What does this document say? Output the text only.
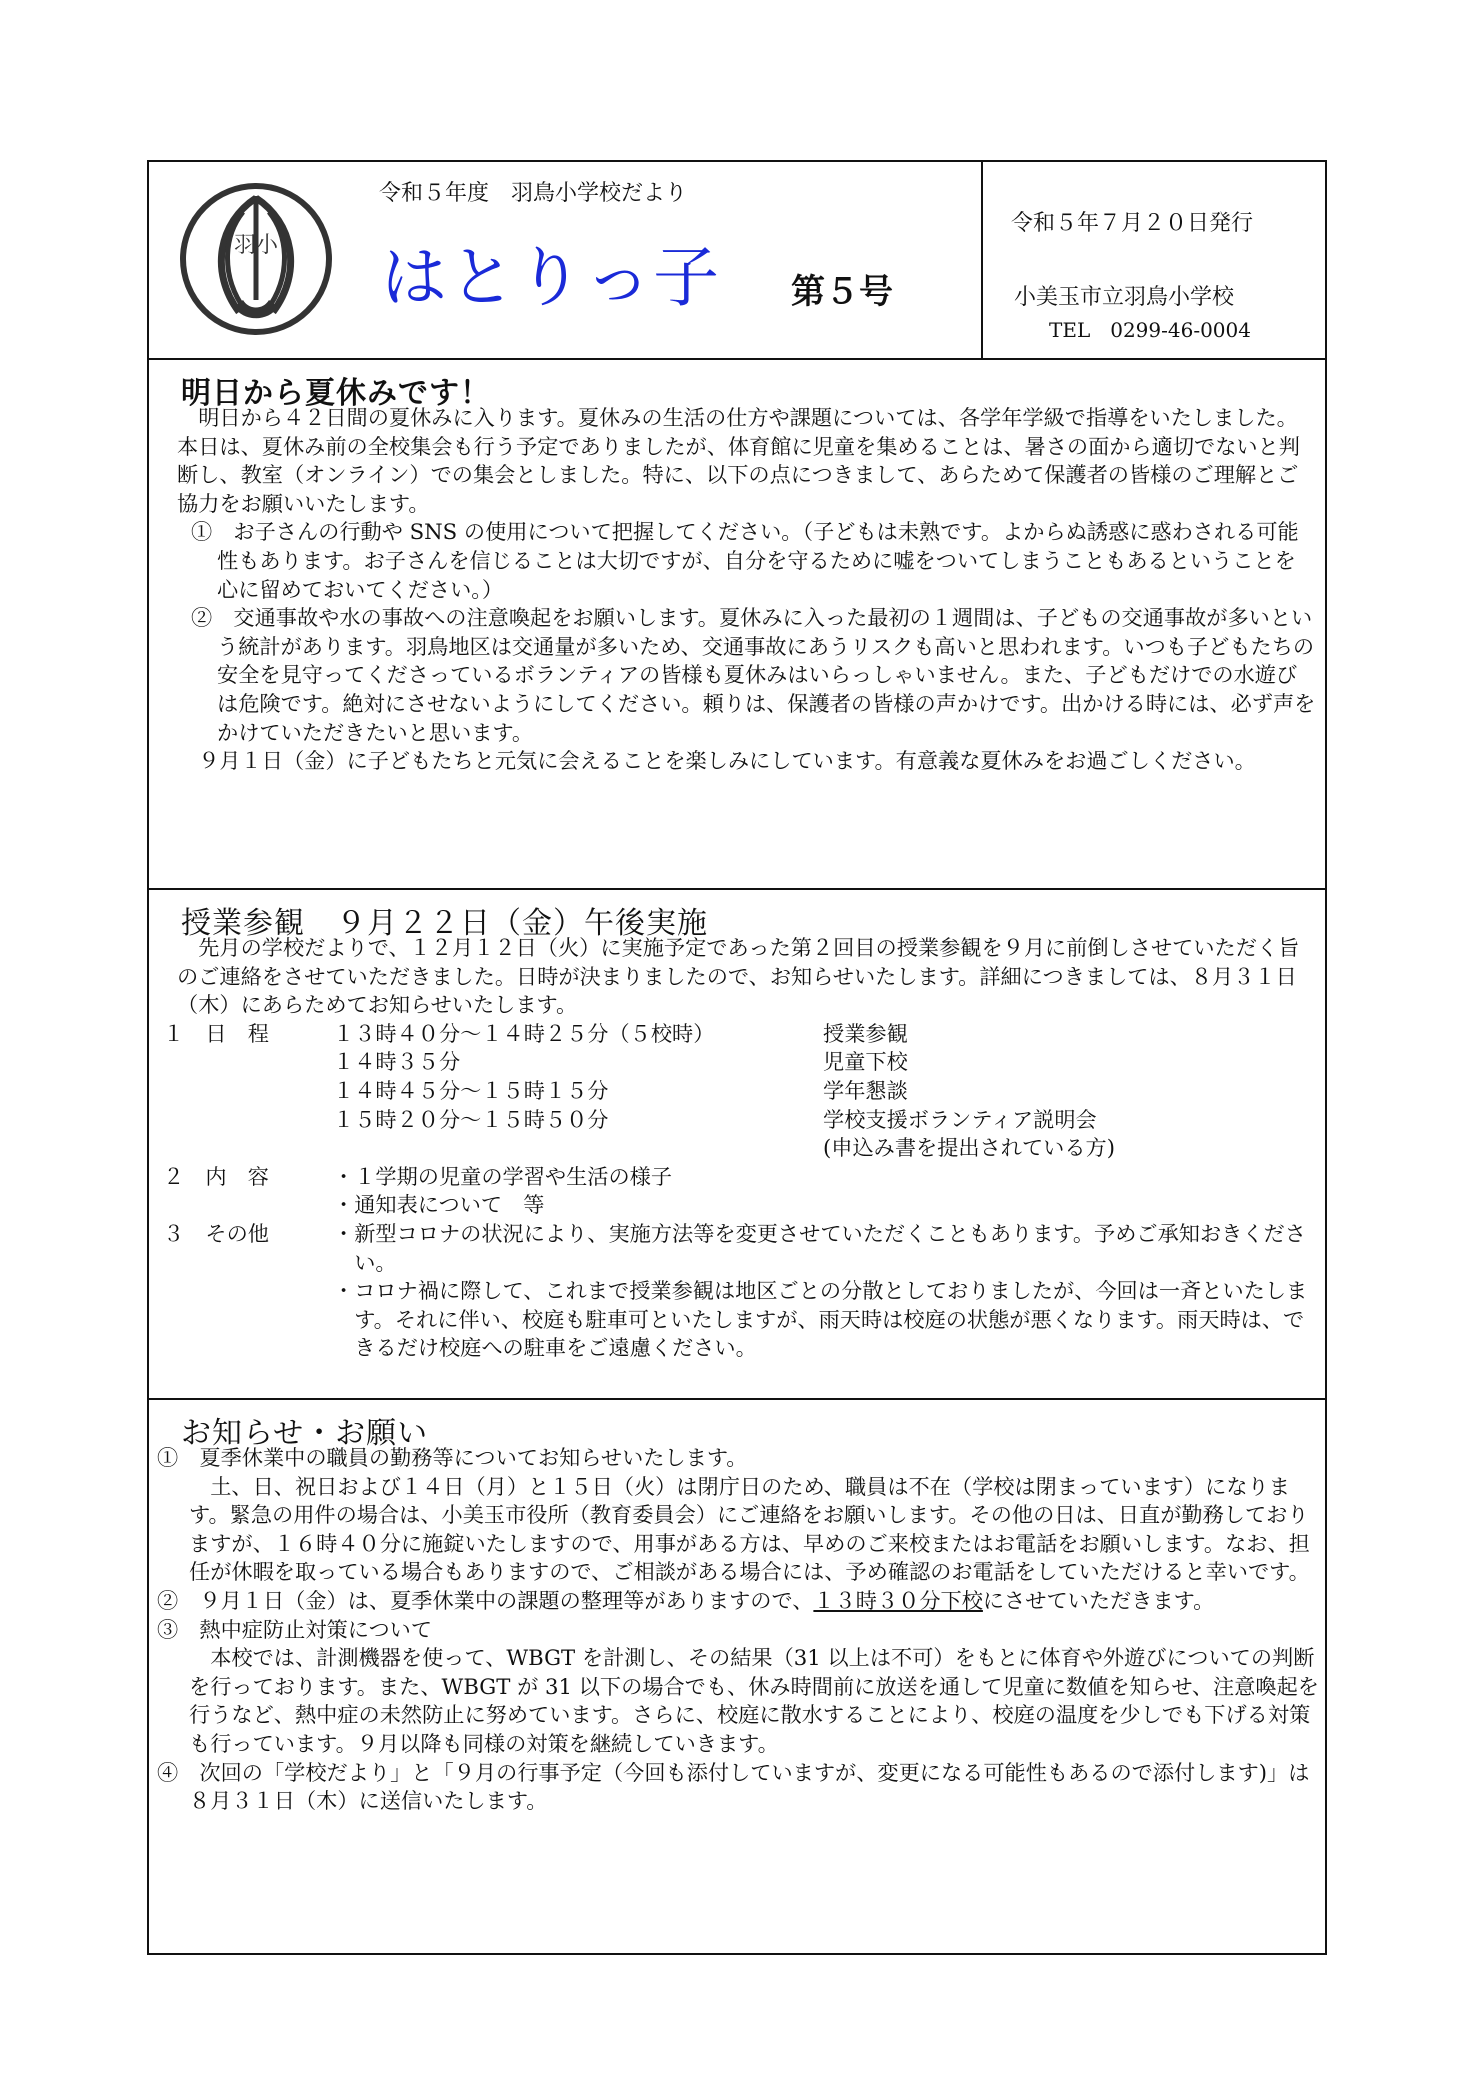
羽小
令和５年度　羽鳥小学校だより
はとりっ子 第５号
令和５年７月２０日発行
小美玉市立羽鳥小学校
TEL　0299-46-0004
明日から夏休みです！

明日から４２日間の夏休みに入ります。夏休みの生活の仕方や課題については、各学年学級で指導をいたしました。本日は、夏休み前の全校集会も行う予定でありましたが、体育館に児童を集めることは、暑さの面から適切でないと判断し、教室（オンライン）での集会としました。特に、以下の点につきまして、あらためて保護者の皆様のご理解とご協力をお願いいたします。

①　お子さんの行動や SNS の使用について把握してください。（子どもは未熟です。よからぬ誘惑に惑わされる可能性もあります。お子さんを信じることは大切ですが、自分を守るために嘘をついてしまうこともあるということを心に留めておいてください。）

②　交通事故や水の事故への注意喚起をお願いします。夏休みに入った最初の１週間は、子どもの交通事故が多いという統計があります。羽鳥地区は交通量が多いため、交通事故にあうリスクも高いと思われます。いつも子どもたちの安全を見守ってくださっているボランティアの皆様も夏休みはいらっしゃいません。また、子どもだけでの水遊びは危険です。絶対にさせないようにしてください。頼りは、保護者の皆様の声かけです。出かける時には、必ず声をかけていただきたいと思います。

９月１日（金）に子どもたちと元気に会えることを楽しみにしています。有意義な夏休みをお過ごしください。

授業参観　９月２２日（金）午後実施

先月の学校だよりで、１２月１２日（火）に実施予定であった第２回目の授業参観を９月に前倒しさせていただく旨のご連絡をさせていただきました。日時が決まりましたので、お知らせいたします。詳細につきましては、８月３１日（木）にあらためてお知らせいたします。

１　日　程	１３時４０分～１４時２５分（５校時）	授業参観
	１４時３５分	児童下校
	１４時４５分～１５時１５分	学年懇談
	１５時２０分～１５時５０分	学校支援ボランティア説明会
		(申込み書を提出されている方)
２　内　容	・１学期の児童の学習や生活の様子	
	・通知表について　等	
３　その他	・新型コロナの状況により、実施方法等を変更させていただくこともあります。予めご承知おきください。	
	・コロナ禍に際して、これまで授業参観は地区ごとの分散としておりましたが、今回は一斉といたします。それに伴い、校庭も駐車可といたしますが、雨天時は校庭の状態が悪くなります。雨天時は、できるだけ校庭への駐車をご遠慮ください。	
お知らせ・お願い

①　夏季休業中の職員の勤務等についてお知らせいたします。

土、日、祝日および１４日（月）と１５日（火）は閉庁日のため、職員は不在（学校は閉まっています）になります。緊急の用件の場合は、小美玉市役所（教育委員会）にご連絡をお願いします。その他の日は、日直が勤務しておりますが、１６時４０分に施錠いたしますので、用事がある方は、早めのご来校またはお電話をお願いします。なお、担任が休暇を取っている場合もありますので、ご相談がある場合には、予め確認のお電話をしていただけると幸いです。

②　９月１日（金）は、夏季休業中の課題の整理等がありますので、１３時３０分下校にさせていただきます。

③　熱中症防止対策について

本校では、計測機器を使って、WBGT を計測し、その結果（31 以上は不可）をもとに体育や外遊びについての判断を行っております。また、WBGT が 31 以下の場合でも、休み時間前に放送を通して児童に数値を知らせ、注意喚起を行うなど、熱中症の未然防止に努めています。さらに、校庭に散水することにより、校庭の温度を少しでも下げる対策も行っています。９月以降も同様の対策を継続していきます。

④　次回の「学校だより」と「９月の行事予定（今回も添付していますが、変更になる可能性もあるので添付します)」は８月３１日（木）に送信いたします。
